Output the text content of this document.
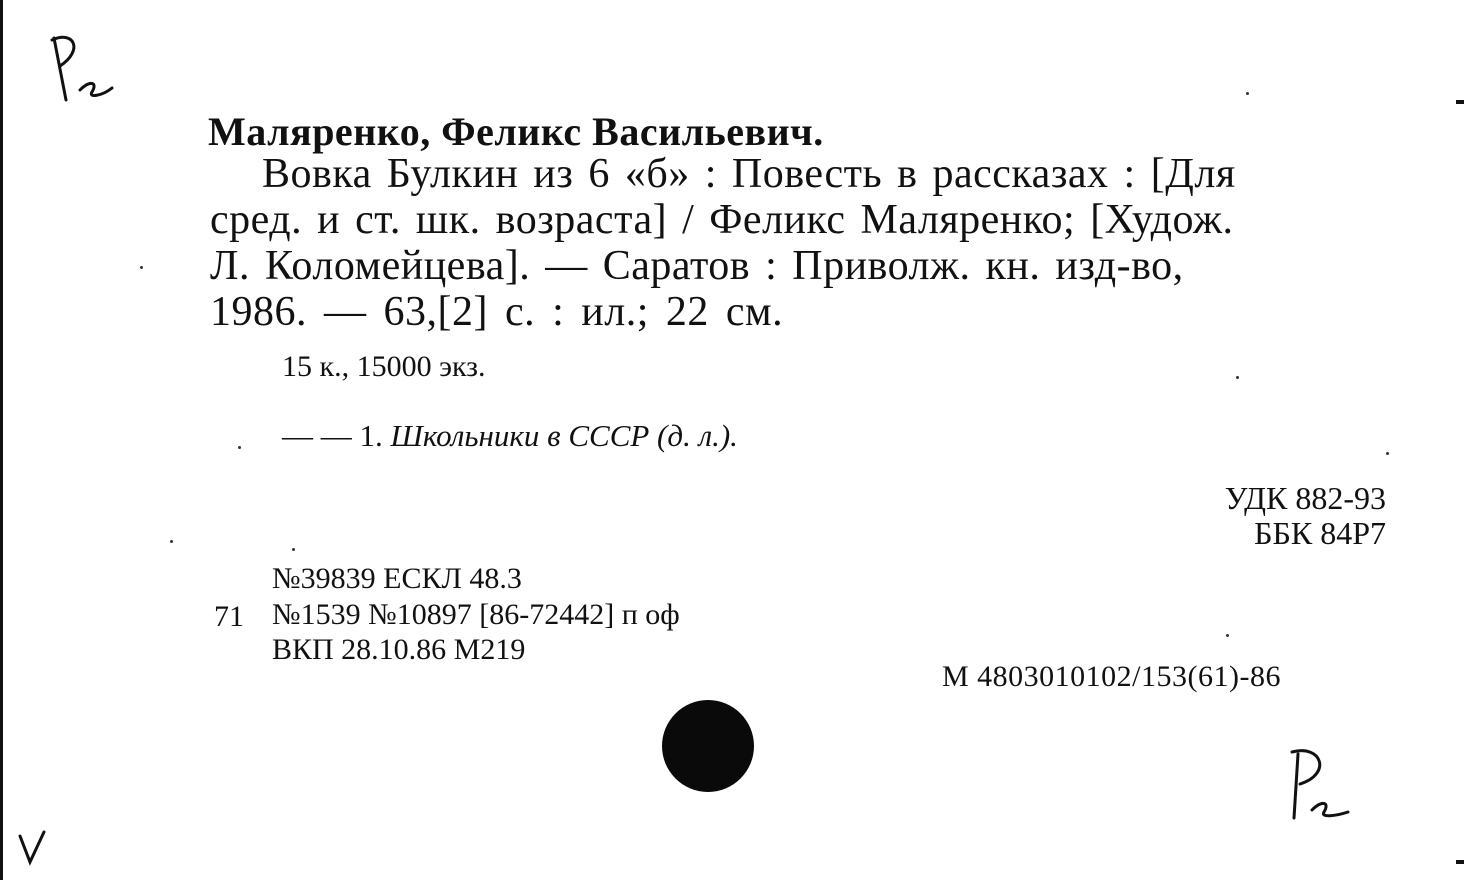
Маляренко, Феликс Васильевич.
Вовка Булкин из 6 «б» : Повесть в рассказах : [Для
сред. и ст. шк. возраста] / Феликс Маляренко; [Худож.
Л. Коломейцева]. — Саратов : Приволж. кн. изд-во,
1986. — 63,[2] с. : ил.; 22 см.
15 к., 15000 экз.
— — 1. Школьники в СССР (д. л.).
УДК 882-93
ББК 84Р7
№39839 ЕСКЛ 48.3
71 №1539 №10897 [86-72442] п оф
ВКП 28.10.86 М219
М 4803010102/153(61)-86
